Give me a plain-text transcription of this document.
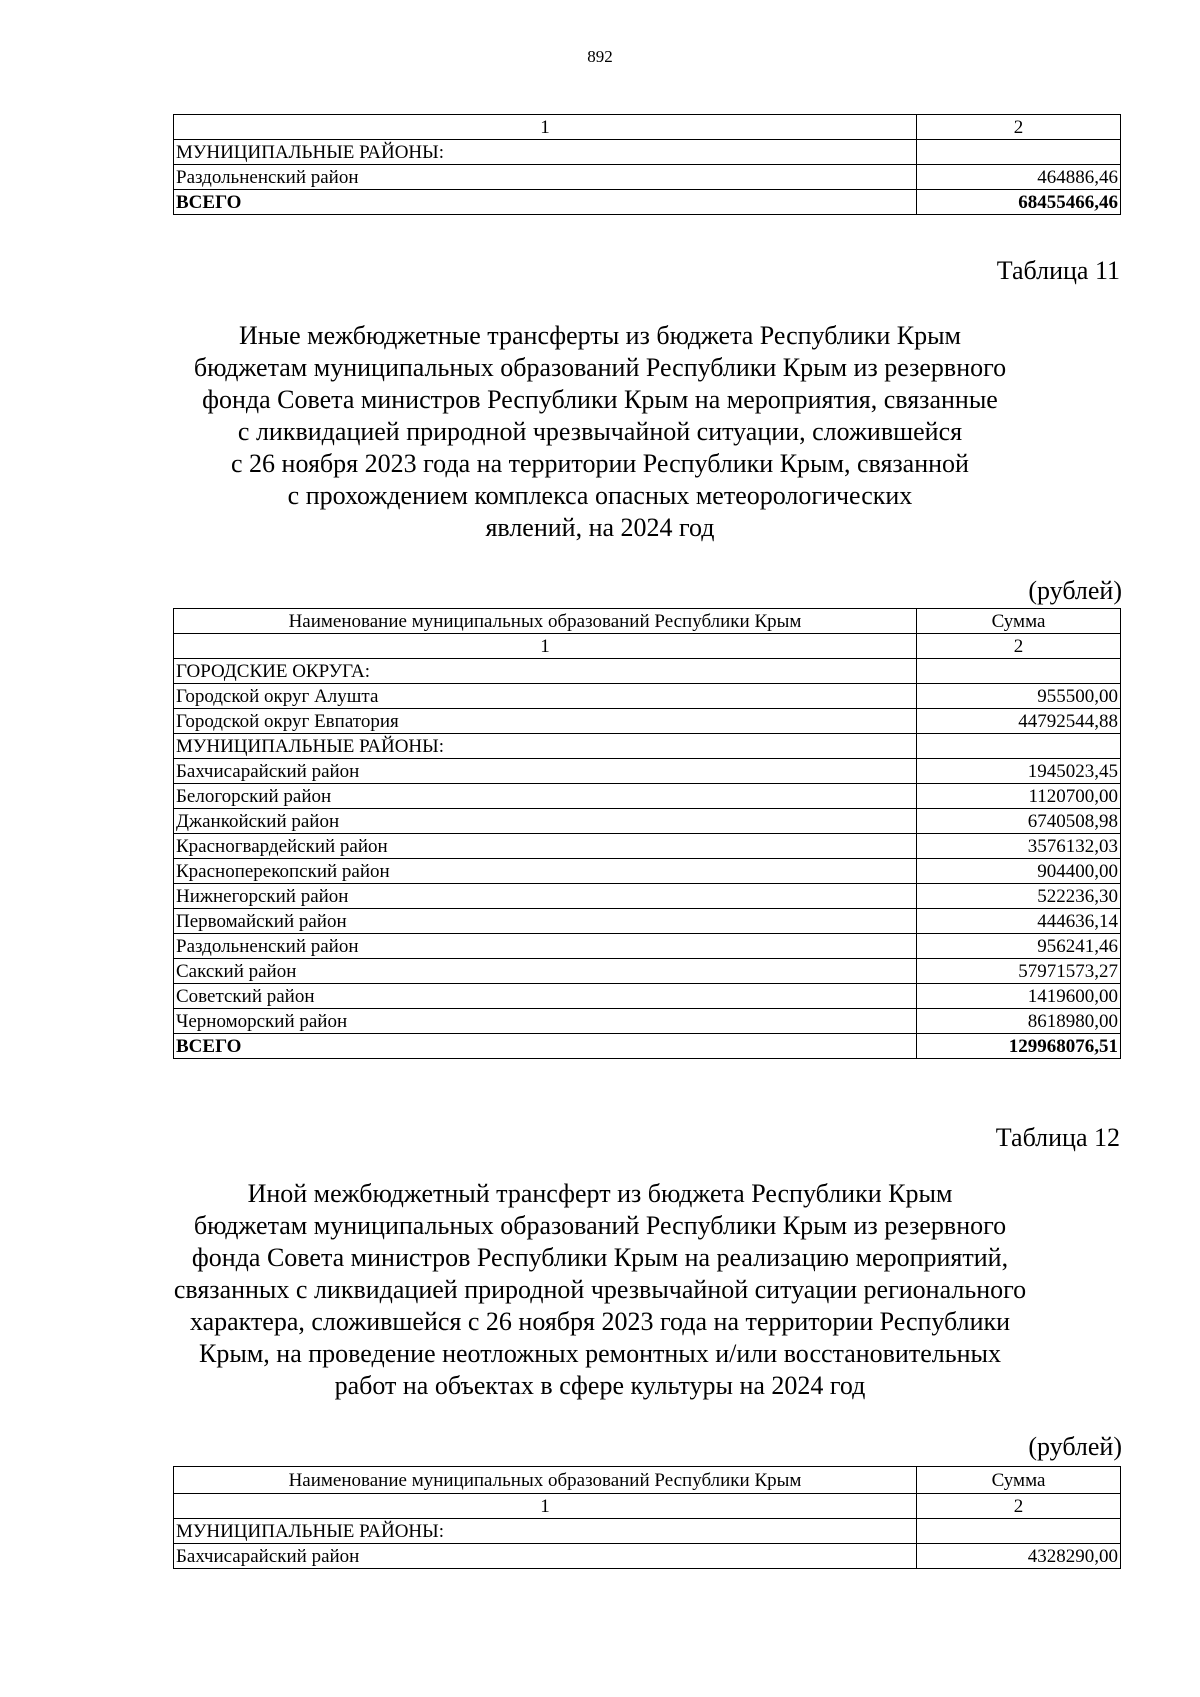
892
1	2
МУНИЦИПАЛЬНЫЕ РАЙОНЫ:	
Раздольненский район	464886,46
ВСЕГО	68455466,46
Таблица 11
Иные межбюджетные трансферты из бюджета Республики Крым
бюджетам муниципальных образований Республики Крым из резервного
фонда Совета министров Республики Крым на мероприятия, связанные
с ликвидацией природной чрезвычайной ситуации, сложившейся
с 26 ноября 2023 года на территории Республики Крым, связанной
с прохождением комплекса опасных метеорологических
явлений, на 2024 год
(рублей)
Наименование муниципальных образований Республики Крым	Сумма
1	2
ГОРОДСКИЕ ОКРУГА:	
Городской округ Алушта	955500,00
Городской округ Евпатория	44792544,88
МУНИЦИПАЛЬНЫЕ РАЙОНЫ:	
Бахчисарайский район	1945023,45
Белогорский район	1120700,00
Джанкойский район	6740508,98
Красногвардейский район	3576132,03
Красноперекопский район	904400,00
Нижнегорский район	522236,30
Первомайский район	444636,14
Раздольненский район	956241,46
Сакский район	57971573,27
Советский район	1419600,00
Черноморский район	8618980,00
ВСЕГО	129968076,51
Таблица 12
Иной межбюджетный трансферт из бюджета Республики Крым
бюджетам муниципальных образований Республики Крым из резервного
фонда Совета министров Республики Крым на реализацию мероприятий,
связанных с ликвидацией природной чрезвычайной ситуации регионального
характера, сложившейся с 26 ноября 2023 года на территории Республики
Крым, на проведение неотложных ремонтных и/или восстановительных
работ на объектах в сфере культуры на 2024 год
(рублей)
Наименование муниципальных образований Республики Крым	Сумма
1	2
МУНИЦИПАЛЬНЫЕ РАЙОНЫ:	
Бахчисарайский район	4328290,00
